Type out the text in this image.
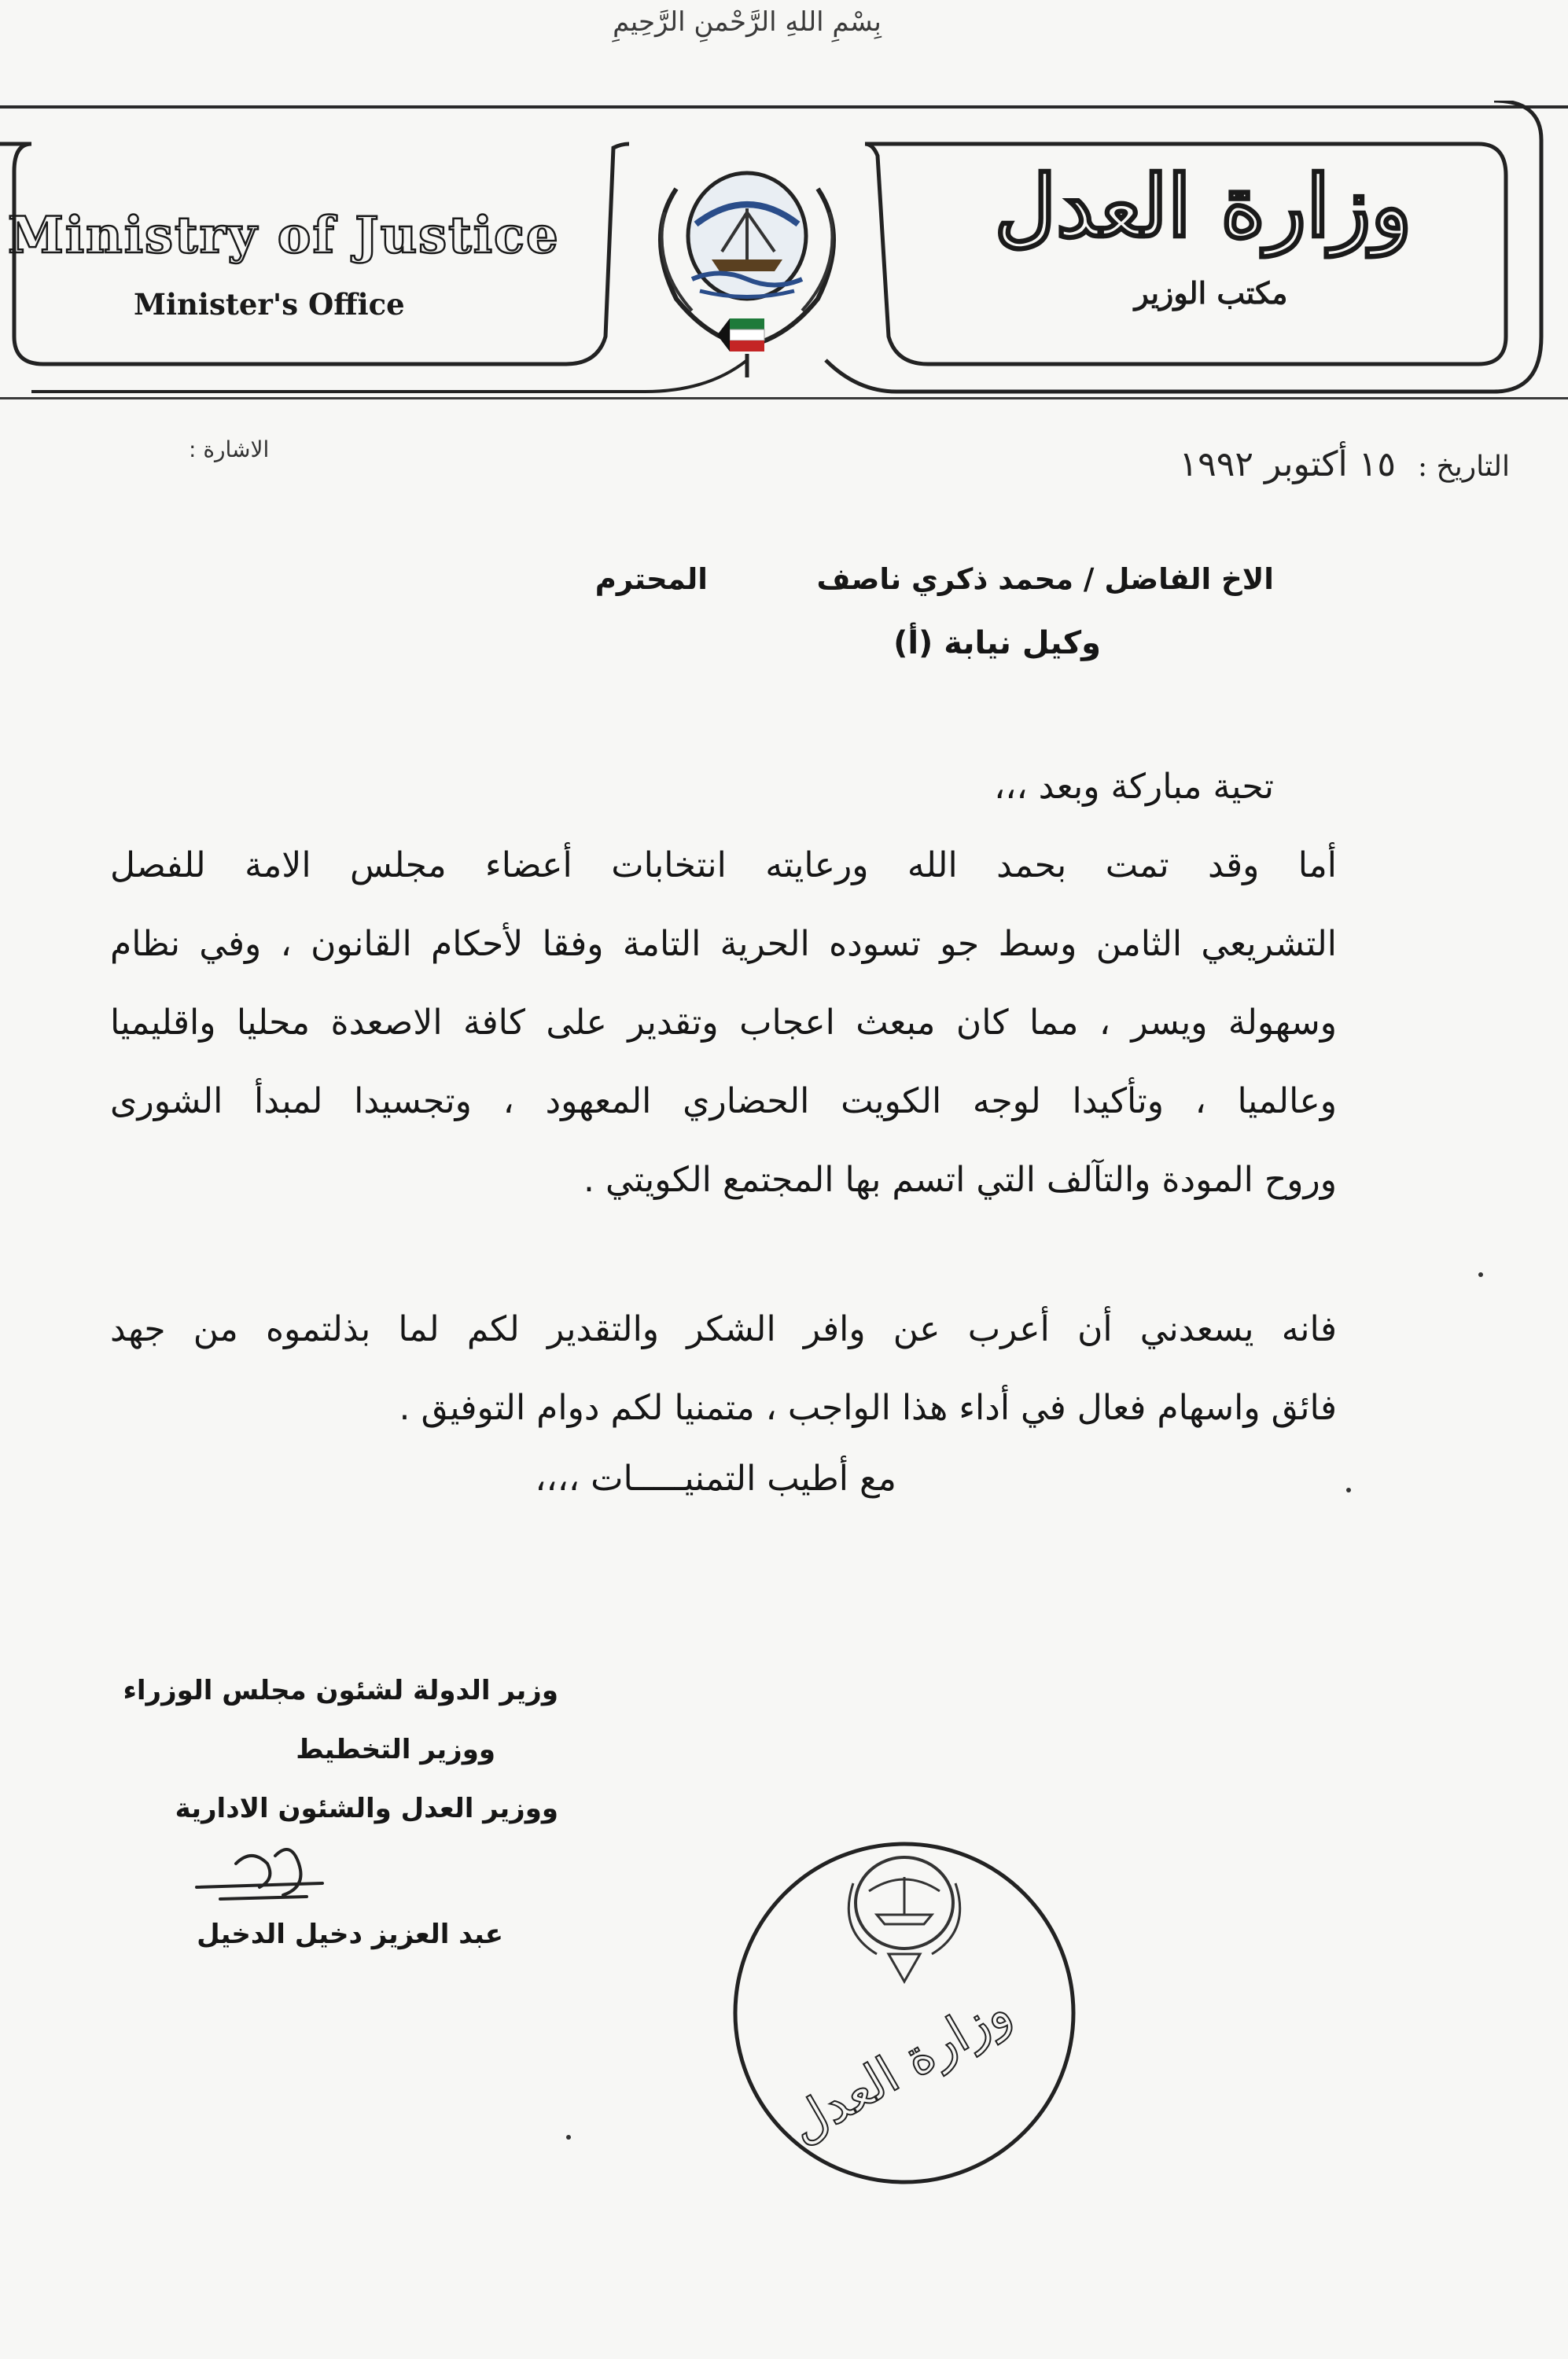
بِسْمِ اللهِ الرَّحْمنِ الرَّحِيمِ
Ministry of Justice
Minister's Office
وزارة العدل
مكتب الوزير
الاشارة :
التاريخ : ١٥ أكتوبر ١٩٩٢
الاخ الفاضل / محمد ذكري ناصف
المحترم
وكيل نيابة (أ)
تحية مباركة وبعد ،،،
أما وقد تمت بحمد الله ورعايته انتخابات أعضاء مجلس الامة للفصل
التشريعي الثامن وسط جو تسوده الحرية التامة وفقا لأحكام القانون ، وفي نظام
وسهولة ويسر ، مما كان مبعث اعجاب وتقدير على كافة الاصعدة محليا واقليميا
وعالميا ، وتأكيدا لوجه الكويت الحضاري المعهود ، وتجسيدا لمبدأ الشورى
وروح المودة والتآلف التي اتسم بها المجتمع الكويتي .
فانه يسعدني أن أعرب عن وافر الشكر والتقدير لكم لما بذلتموه من جهد
فائق واسهام فعال في أداء هذا الواجب ، متمنيا لكم دوام التوفيق .
مع أطيب التمنيـــــات ،،،،
وزير الدولة لشئون مجلس الوزراء
ووزير التخطيط
ووزير العدل والشئون الادارية
عبد العزيز دخيل الدخيل
وزارة العدل
